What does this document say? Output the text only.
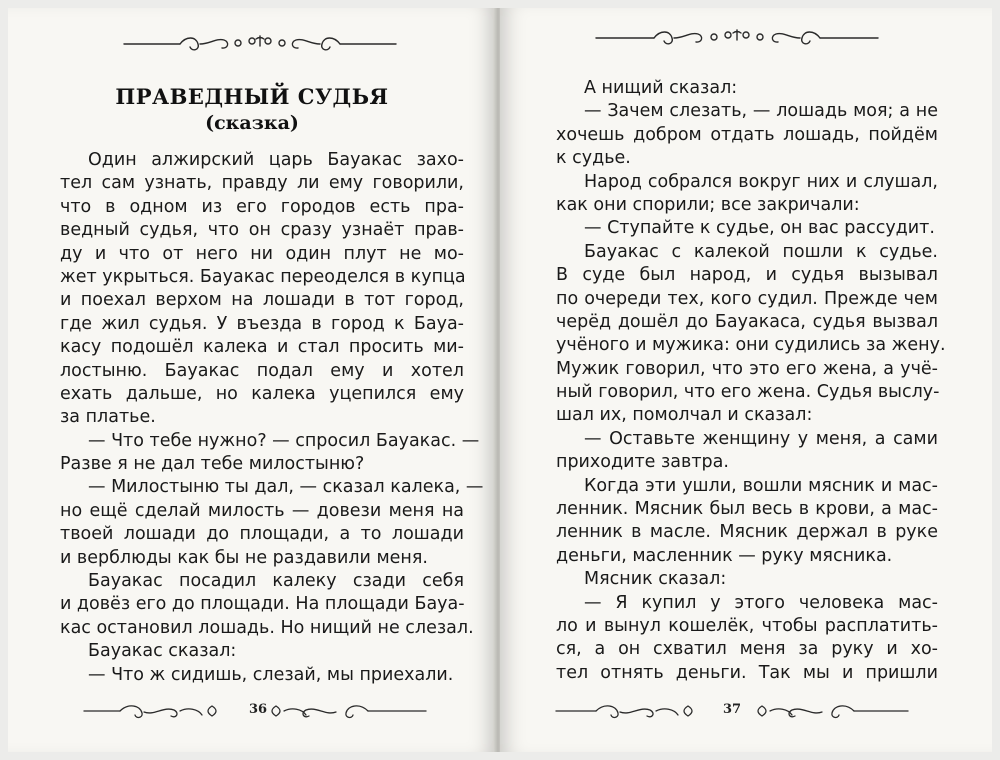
ПРАВЕДНЫЙ СУДЬЯ
(сказка)
Один алжирский царь Бауакас захо-
тел сам узнать, правду ли ему говорили,
что в одном из его городов есть пра-
ведный судья, что он сразу узнаёт прав-
ду и что от него ни один плут не мо-
жет укрыться. Бауакас переоделся в купца
и поехал верхом на лошади в тот город,
где жил судья. У въезда в город к Бауа-
касу подошёл калека и стал просить ми-
лостыню. Бауакас подал ему и хотел
ехать дальше, но калека уцепился ему
за платье.
— Что тебе нужно? — спросил Бауакас. —
Разве я не дал тебе милостыню?
— Милостыню ты дал, — сказал калека, —
но ещё сделай милость — довези меня на
твоей лошади до площади, а то лошади
и верблюды как бы не раздавили меня.
Бауакас посадил калеку сзади себя
и довёз его до площади. На площади Бауа-
кас остановил лошадь. Но нищий не слезал.
Бауакас сказал:
— Что ж сидишь, слезай, мы приехали.
36
А нищий сказал:
— Зачем слезать, — лошадь моя; а не
хочешь добром отдать лошадь, пойдём
к судье.
Народ собрался вокруг них и слушал,
как они спорили; все закричали:
— Ступайте к судье, он вас рассудит.
Бауакас с калекой пошли к судье.
В суде был народ, и судья вызывал
по очереди тех, кого судил. Прежде чем
черёд дошёл до Бауакаса, судья вызвал
учёного и мужика: они судились за жену.
Мужик говорил, что это его жена, а учё-
ный говорил, что его жена. Судья выслу-
шал их, помолчал и сказал:
— Оставьте женщину у меня, а сами
приходите завтра.
Когда эти ушли, вошли мясник и мас-
ленник. Мясник был весь в крови, а мас-
ленник в масле. Мясник держал в руке
деньги, масленник — руку мясника.
Мясник сказал:
— Я купил у этого человека мас-
ло и вынул кошелёк, чтобы расплатить-
ся, а он схватил меня за руку и хо-
тел отнять деньги. Так мы и пришли
37
